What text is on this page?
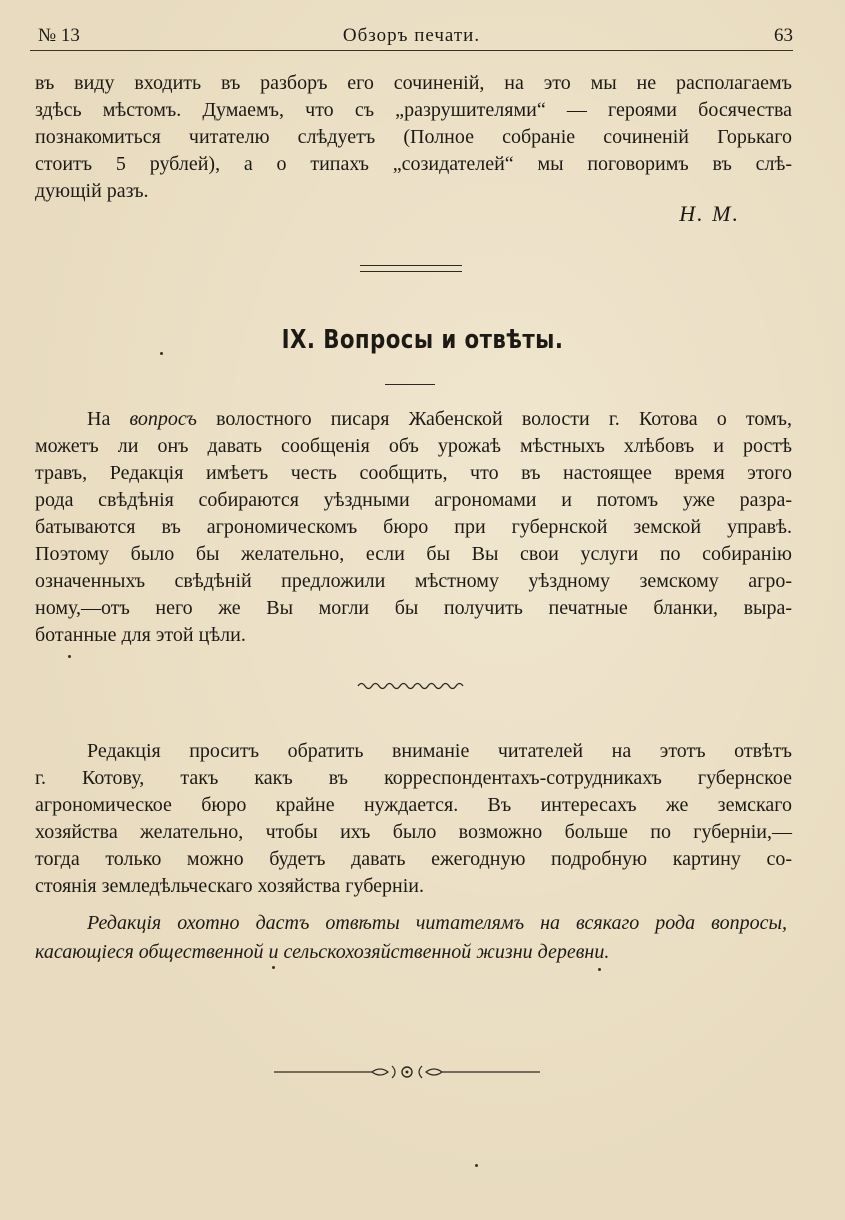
№ 13	Обзоръ печати.	63
въ виду входить въ разборъ его сочиненій, на это мы не располагаемъ
здѣсь мѣстомъ. Думаемъ, что съ „разрушителями“ — героями босячества
познакомиться читателю слѣдуетъ (Полное собраніе сочиненій Горькаго
стоитъ 5 рублей), а о типахъ „созидателей“ мы поговоримъ въ слѣ-
дующій разъ.
Н. М.
IX. Вопросы и отвѣты.
На вопросъ волостного писаря Жабенской волости г. Котова о томъ,
можетъ ли онъ давать сообщенія объ урожаѣ мѣстныхъ хлѣбовъ и ростѣ
травъ, Редакція имѣетъ честь сообщить, что въ настоящее время этого
рода свѣдѣнія собираются уѣздными агрономами и потомъ уже разра-
батываются въ агрономическомъ бюро при губернской земской управѣ.
Поэтому было бы желательно, если бы Вы свои услуги по собиранію
означенныхъ свѣдѣній предложили мѣстному уѣздному земскому агро-
ному,—отъ него же Вы могли бы получить печатные бланки, выра-
ботанные для этой цѣли.
Редакція проситъ обратить вниманіе читателей на этотъ отвѣтъ
г. Котову, такъ какъ въ корреспондентахъ-сотрудникахъ губернское
агрономическое бюро крайне нуждается. Въ интересахъ же земскаго
хозяйства желательно, чтобы ихъ было возможно больше по губерніи,—
тогда только можно будетъ давать ежегодную подробную картину со-
стоянія земледѣльческаго хозяйства губерніи.
Редакція охотно дастъ отвѣты читателямъ на всякаго рода вопросы,
касающіеся общественной и сельскохозяйственной жизни деревни.
